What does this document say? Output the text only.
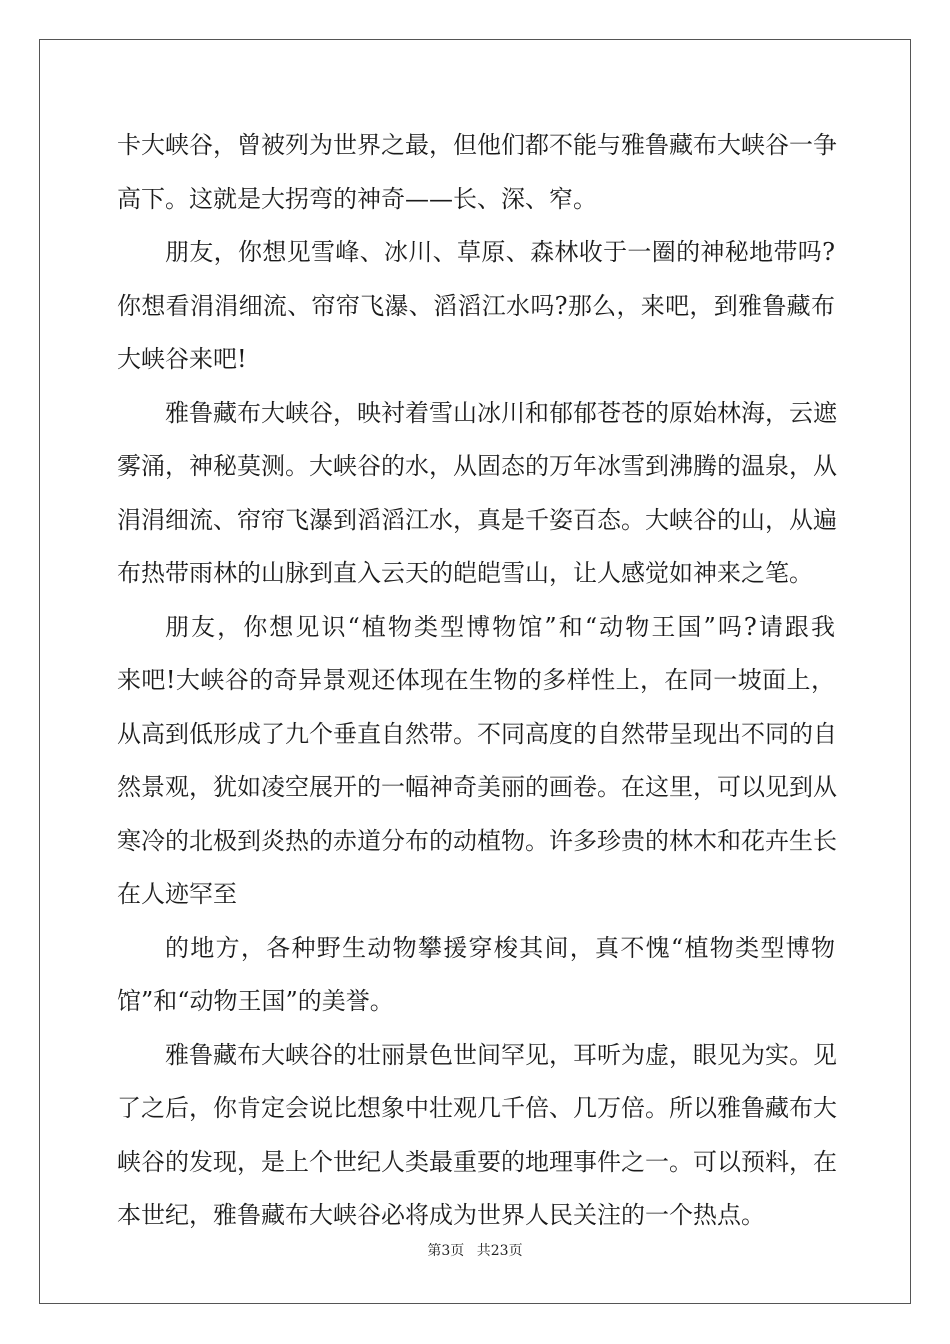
卡大峡谷，曾被列为世界之最，但他们都不能与雅鲁藏布大峡谷一争
高下。这就是大拐弯的神奇——长、深、窄。
朋友，你想见雪峰、冰川、草原、森林收于一圈的神秘地带吗?
你想看涓涓细流、帘帘飞瀑、滔滔江水吗?那么，来吧，到雅鲁藏布
大峡谷来吧!
雅鲁藏布大峡谷，映衬着雪山冰川和郁郁苍苍的原始林海，云遮
雾涌，神秘莫测。大峡谷的水，从固态的万年冰雪到沸腾的温泉，从
涓涓细流、帘帘飞瀑到滔滔江水，真是千姿百态。大峡谷的山，从遍
布热带雨林的山脉到直入云天的皑皑雪山，让人感觉如神来之笔。
朋友，你想见识“植物类型博物馆”和“动物王国”吗?请跟我
来吧!大峡谷的奇异景观还体现在生物的多样性上，在同一坡面上，
从高到低形成了九个垂直自然带。不同高度的自然带呈现出不同的自
然景观，犹如凌空展开的一幅神奇美丽的画卷。在这里，可以见到从
寒冷的北极到炎热的赤道分布的动植物。许多珍贵的林木和花卉生长
在人迹罕至
的地方，各种野生动物攀援穿梭其间，真不愧“植物类型博物
馆”和“动物王国”的美誉。
雅鲁藏布大峡谷的壮丽景色世间罕见，耳听为虚，眼见为实。见
了之后，你肯定会说比想象中壮观几千倍、几万倍。所以雅鲁藏布大
峡谷的发现，是上个世纪人类最重要的地理事件之一。可以预料，在
本世纪，雅鲁藏布大峡谷必将成为世界人民关注的一个热点。
第3页 共23页
